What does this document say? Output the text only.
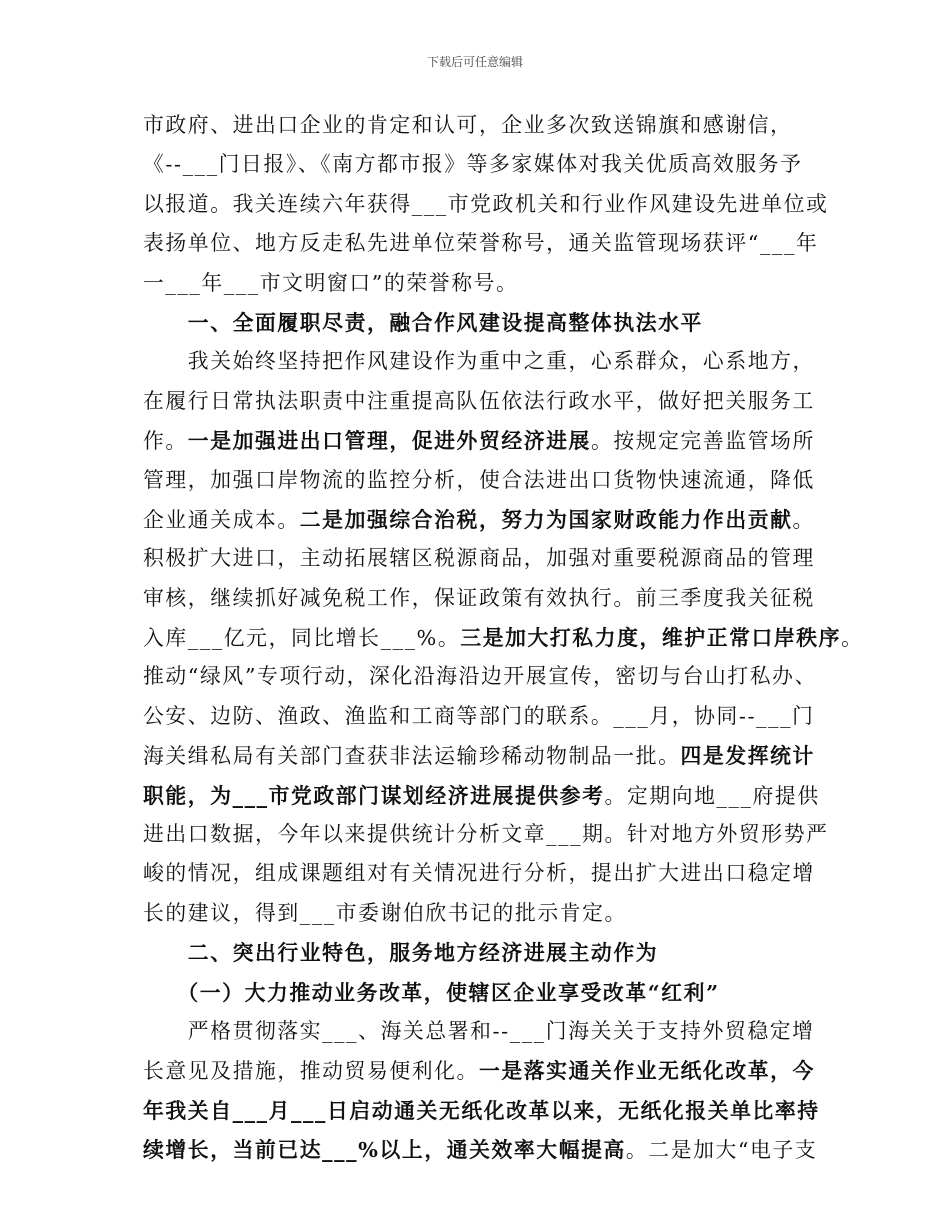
下载后可任意编辑
市政府、进出口企业的肯定和认可，企业多次致送锦旗和感谢信，
《--___门日报》、《南方都市报》等多家媒体对我关优质高效服务予
以报道。我关连续六年获得___市党政机关和行业作风建设先进单位或
表扬单位、地方反走私先进单位荣誉称号，通关监管现场获评“___年
一___年___市文明窗口”的荣誉称号。
　　一、全面履职尽责，融合作风建设提高整体执法水平
　　我关始终坚持把作风建设作为重中之重，心系群众，心系地方，
在履行日常执法职责中注重提高队伍依法行政水平，做好把关服务工
作。一是加强进出口管理，促进外贸经济进展。按规定完善监管场所
管理，加强口岸物流的监控分析，使合法进出口货物快速流通，降低
企业通关成本。二是加强综合治税，努力为国家财政能力作出贡献。
积极扩大进口，主动拓展辖区税源商品，加强对重要税源商品的管理
审核，继续抓好减免税工作，保证政策有效执行。前三季度我关征税
入库___亿元，同比增长___%。三是加大打私力度，维护正常口岸秩序。
推动“绿风”专项行动，深化沿海沿边开展宣传，密切与台山打私办、
公安、边防、渔政、渔监和工商等部门的联系。___月，协同--___门
海关缉私局有关部门查获非法运输珍稀动物制品一批。四是发挥统计
职能，为___市党政部门谋划经济进展提供参考。定期向地___府提供
进出口数据，今年以来提供统计分析文章___期。针对地方外贸形势严
峻的情况，组成课题组对有关情况进行分析，提出扩大进出口稳定增
长的建议，得到___市委谢伯欣书记的批示肯定。
　　二、突出行业特色，服务地方经济进展主动作为
　　（一）大力推动业务改革，使辖区企业享受改革“红利”
　　严格贯彻落实___、海关总署和--___门海关关于支持外贸稳定增
长意见及措施，推动贸易便利化。一是落实通关作业无纸化改革，今
年我关自___月___日启动通关无纸化改革以来，无纸化报关单比率持
续增长，当前已达___%以上，通关效率大幅提高。二是加大“电子支
